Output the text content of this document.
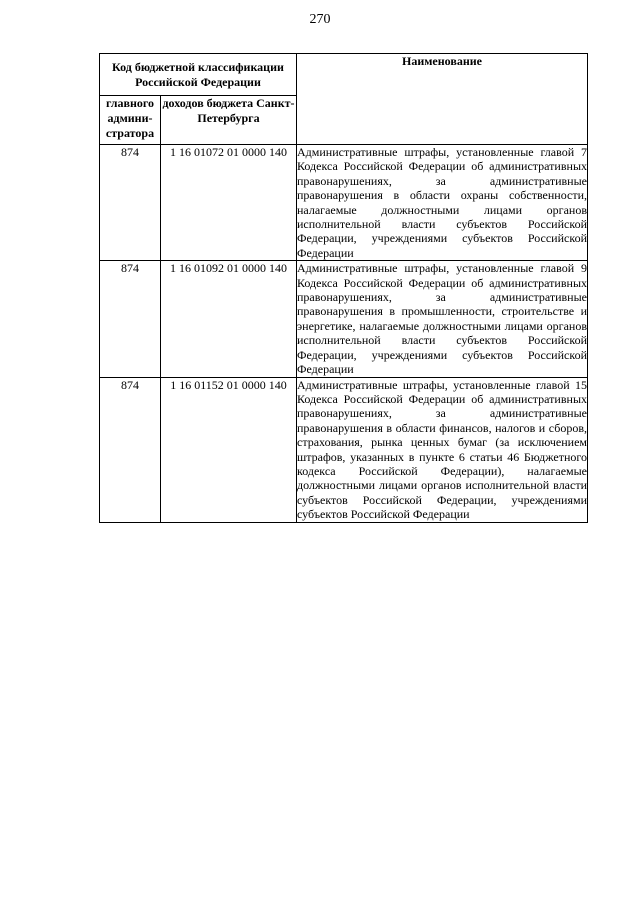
270
Код бюджетной классификации Российской Федерации		Наименование
главного админи-стратора	доходов бюджета Санкт-Петербурга	
874	1 16 01072 01 0000 140	Административные штрафы, установленные главой 7 Кодекса Российской Федерации об административных правонарушениях, за административные правонарушения в области охраны собственности, налагаемые должностными лицами органов исполнительной власти субъектов Российской Федерации, учреждениями субъектов Российской Федерации
874	1 16 01092 01 0000 140	Административные штрафы, установленные главой 9 Кодекса Российской Федерации об административных правонарушениях, за административные правонарушения в промышленности, строительстве и энергетике, налагаемые должностными лицами органов исполнительной власти субъектов Российской Федерации, учреждениями субъектов Российской Федерации
874	1 16 01152 01 0000 140	Административные штрафы, установленные главой 15 Кодекса Российской Федерации об административных правонарушениях, за административные правонарушения в области финансов, налогов и сборов, страхования, рынка ценных бумаг (за исключением штрафов, указанных в пункте 6 статьи 46 Бюджетного кодекса Российской Федерации), налагаемые должностными лицами органов исполнительной власти субъектов Российской Федерации, учреждениями субъектов Российской Федерации
